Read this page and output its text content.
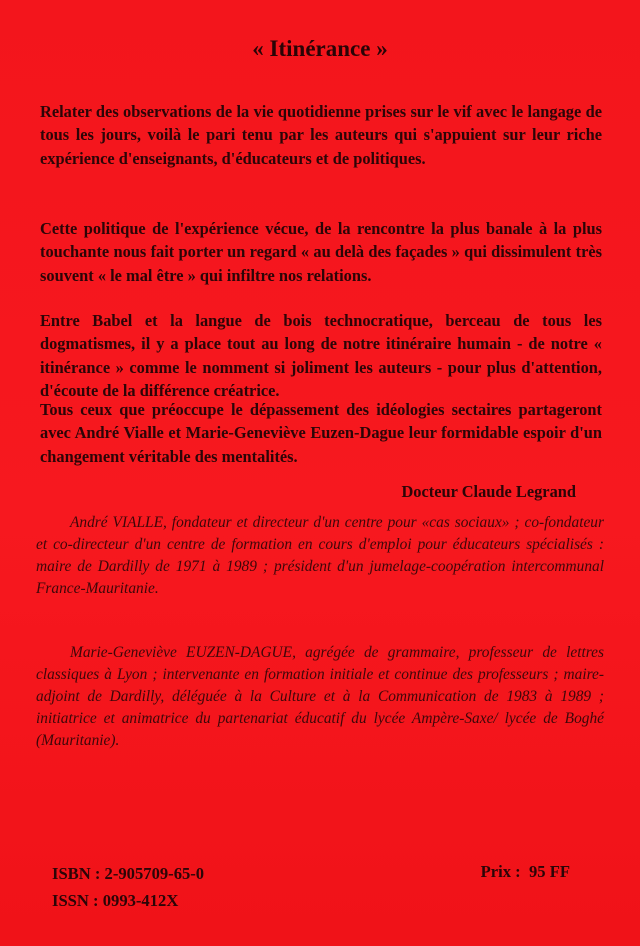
« Itinérance »

Relater des observations de la vie quotidienne prises sur le vif avec le langage de tous les jours, voilà le pari tenu par les auteurs qui s'appuient sur leur riche expérience d'enseignants, d'éducateurs et de politiques.

Cette politique de l'expérience vécue, de la rencontre la plus banale à la plus touchante nous fait porter un regard « au delà des façades » qui dissimulent très souvent « le mal être » qui infiltre nos relations.

Entre Babel et la langue de bois technocratique, berceau de tous les dogmatismes, il y a place tout au long de notre itinéraire humain - de notre « itinérance » comme le nomment si joliment les auteurs - pour plus d'attention, d'écoute de la différence créatrice.

Tous ceux que préoccupe le dépassement des idéologies sectaires partageront avec André Vialle et Marie-Geneviève Euzen-Dague leur formidable espoir d'un changement véritable des mentalités.

Docteur Claude Legrand

André VIALLE, fondateur et directeur d'un centre pour «cas sociaux» ; co-fondateur et co-directeur d'un centre de formation en cours d'emploi pour éducateurs spécialisés : maire de Dardilly de 1971 à 1989 ; président d'un jumelage-coopération intercommunal France-Mauritanie.

Marie-Geneviève EUZEN-DAGUE, agrégée de grammaire, professeur de lettres classiques à Lyon ; intervenante en formation initiale et continue des professeurs ; maire-adjoint de Dardilly, déléguée à la Culture et à la Communication de 1983 à 1989 ; initiatrice et animatrice du partenariat éducatif du lycée Ampère-Saxe/ lycée de Boghé (Mauritanie).

ISBN : 2-905709-65-0
ISSN : 0993-412X
Prix :  95 FF
